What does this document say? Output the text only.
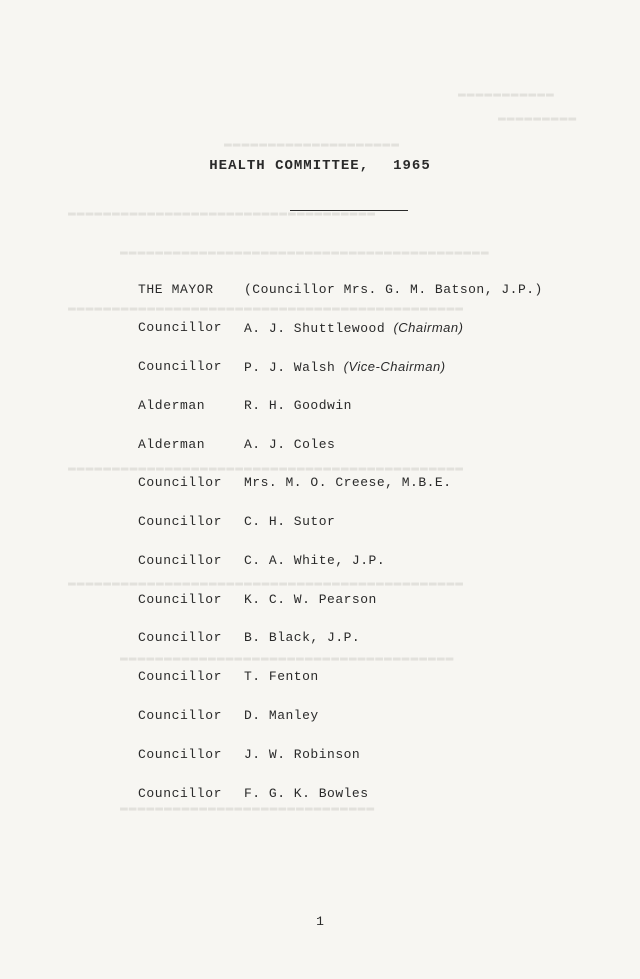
▬▬▬▬▬▬▬▬▬▬▬
▬▬▬▬▬▬▬▬▬
▬▬▬▬▬▬▬▬▬▬▬▬▬▬▬▬▬▬▬▬
▬▬▬▬▬▬▬▬▬▬▬▬▬▬▬▬▬▬▬▬▬▬▬▬▬▬▬▬▬▬▬▬▬▬▬
▬▬▬▬▬▬▬▬▬▬▬▬▬▬▬▬▬▬▬▬▬▬▬▬▬▬▬▬▬▬▬▬▬▬▬▬▬▬▬▬▬▬
▬▬▬▬▬▬▬▬▬▬▬▬▬▬▬▬▬▬▬▬▬▬▬▬▬▬▬▬▬▬▬▬▬▬▬▬▬▬▬▬▬▬▬▬▬
▬▬▬▬▬▬▬▬▬▬▬▬▬▬▬▬▬▬▬▬▬▬▬▬▬▬▬▬▬▬▬▬▬▬▬▬▬▬▬▬▬▬▬▬▬
▬▬▬▬▬▬▬▬▬▬▬▬▬▬▬▬▬▬▬▬▬▬▬▬▬▬▬▬▬▬▬▬▬▬▬▬▬▬▬▬▬▬▬▬▬
▬▬▬▬▬▬▬▬▬▬▬▬▬▬▬▬▬▬▬▬▬▬▬▬▬▬▬▬▬▬▬▬▬▬▬▬▬▬
▬▬▬▬▬▬▬▬▬▬▬▬▬▬▬▬▬▬▬▬▬▬▬▬▬▬▬▬▬
HEALTH COMMITTEE, 1965
THE MAYOR	(Councillor Mrs. G. M. Batson, J.P.)
Councillor	A. J. Shuttlewood (Chairman)
Councillor	P. J. Walsh (Vice-Chairman)
Alderman	R. H. Goodwin
Alderman	A. J. Coles
Councillor	Mrs. M. O. Creese, M.B.E.
Councillor	C. H. Sutor
Councillor	C. A. White, J.P.
Councillor	K. C. W. Pearson
Councillor	B. Black, J.P.
Councillor	T. Fenton
Councillor	D. Manley
Councillor	J. W. Robinson
Councillor	F. G. K. Bowles
1
